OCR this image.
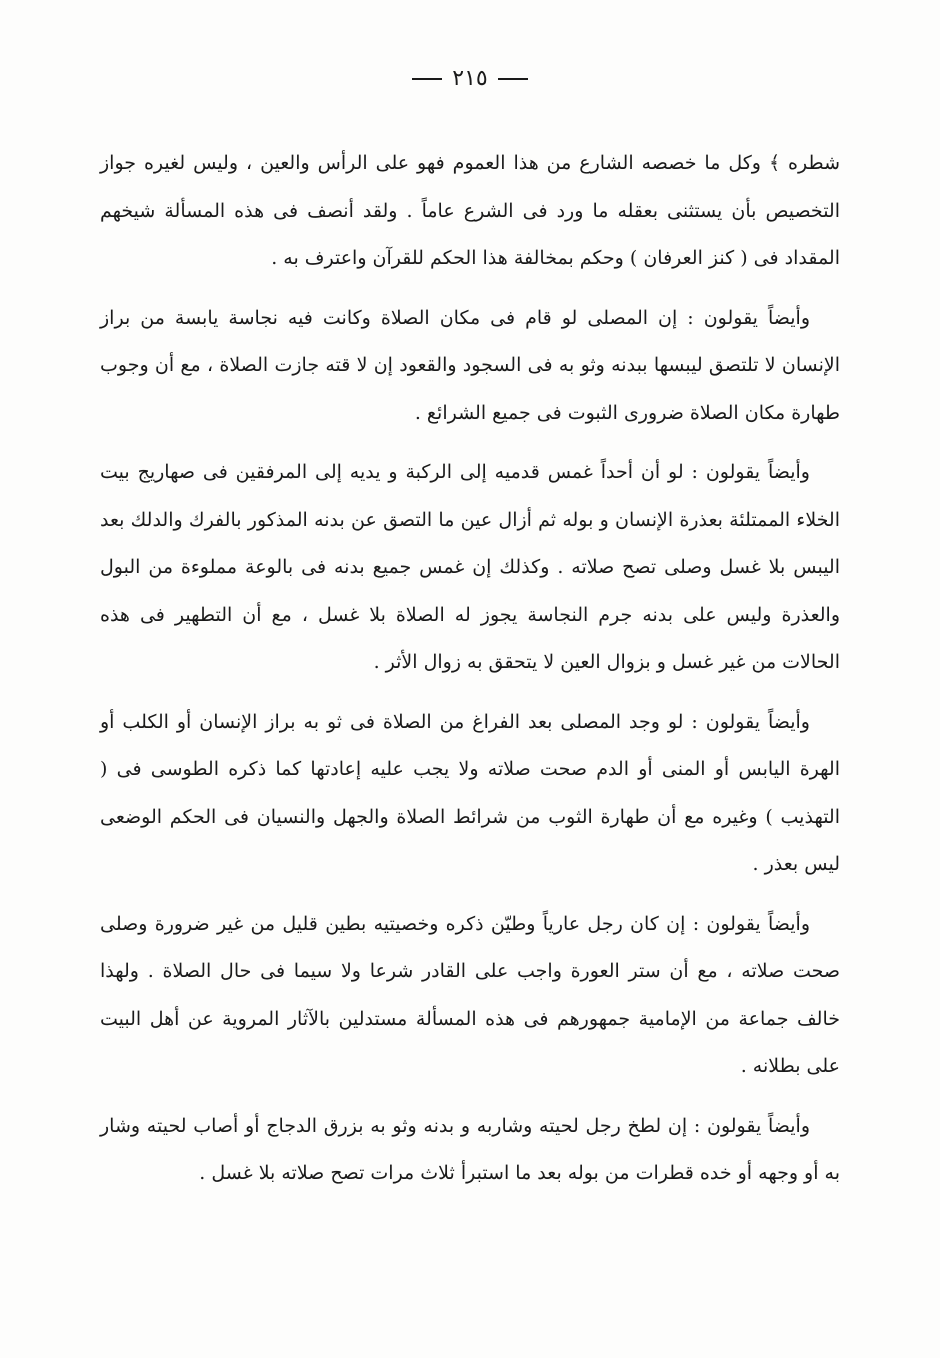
٢١٥

شطره ﴾ وكل ما خصصه الشارع من هذا العموم فهو على الرأس والعين ، وليس لغيره جواز التخصيص بأن يستثنى بعقله ما ورد فى الشرع عاماً . ولقد أنصف فى هذه المسألة شيخهم المقداد فى ( كنز العرفان ) وحكم بمخالفة هذا الحكم للقرآن واعترف به .

وأيضاً يقولون : إن المصلى لو قام فى مكان الصلاة وكانت فيه نجاسة يابسة من براز الإنسان لا تلتصق ليبسها ببدنه وثو به فى السجود والقعود إن لا قته جازت الصلاة ، مع أن وجوب طهارة مكان الصلاة ضرورى الثبوت فى جميع الشرائع .

وأيضاً يقولون : لو أن أحداً غمس قدميه إلى الركبة و يديه إلى المرفقين فى صهاريج بيت الخلاء الممتلئة بعذرة الإنسان و بوله ثم أزال عين ما التصق عن بدنه المذكور بالفرك والدلك بعد اليبس بلا غسل وصلى تصح صلاته . وكذلك إن غمس جميع بدنه فى بالوعة مملوءة من البول والعذرة وليس على بدنه جرم النجاسة يجوز له الصلاة بلا غسل ، مع أن التطهير فى هذه الحالات من غير غسل و بزوال العين لا يتحقق به زوال الأثر .

وأيضاً يقولون : لو وجد المصلى بعد الفراغ من الصلاة فى ثو به براز الإنسان أو الكلب أو الهرة اليابس أو المنى أو الدم صحت صلاته ولا يجب عليه إعادتها كما ذكره الطوسى فى ( التهذيب ) وغيره مع أن طهارة الثوب من شرائط الصلاة والجهل والنسيان فى الحكم الوضعى ليس بعذر .

وأيضاً يقولون : إن كان رجل عارياً وطيّن ذكره وخصيتيه بطين قليل من غير ضرورة وصلى صحت صلاته ، مع أن ستر العورة واجب على القادر شرعا ولا سيما فى حال الصلاة . ولهذا خالف جماعة من الإمامية جمهورهم فى هذه المسألة مستدلين بالآثار المروية عن أهل البيت على بطلانه .

وأيضاً يقولون : إن لطخ رجل لحيته وشاربه و بدنه وثو به بزرق الدجاج أو أصاب لحيته وشار به أو وجهه أو خده قطرات من بوله بعد ما استبرأ ثلاث مرات تصح صلاته بلا غسل .
